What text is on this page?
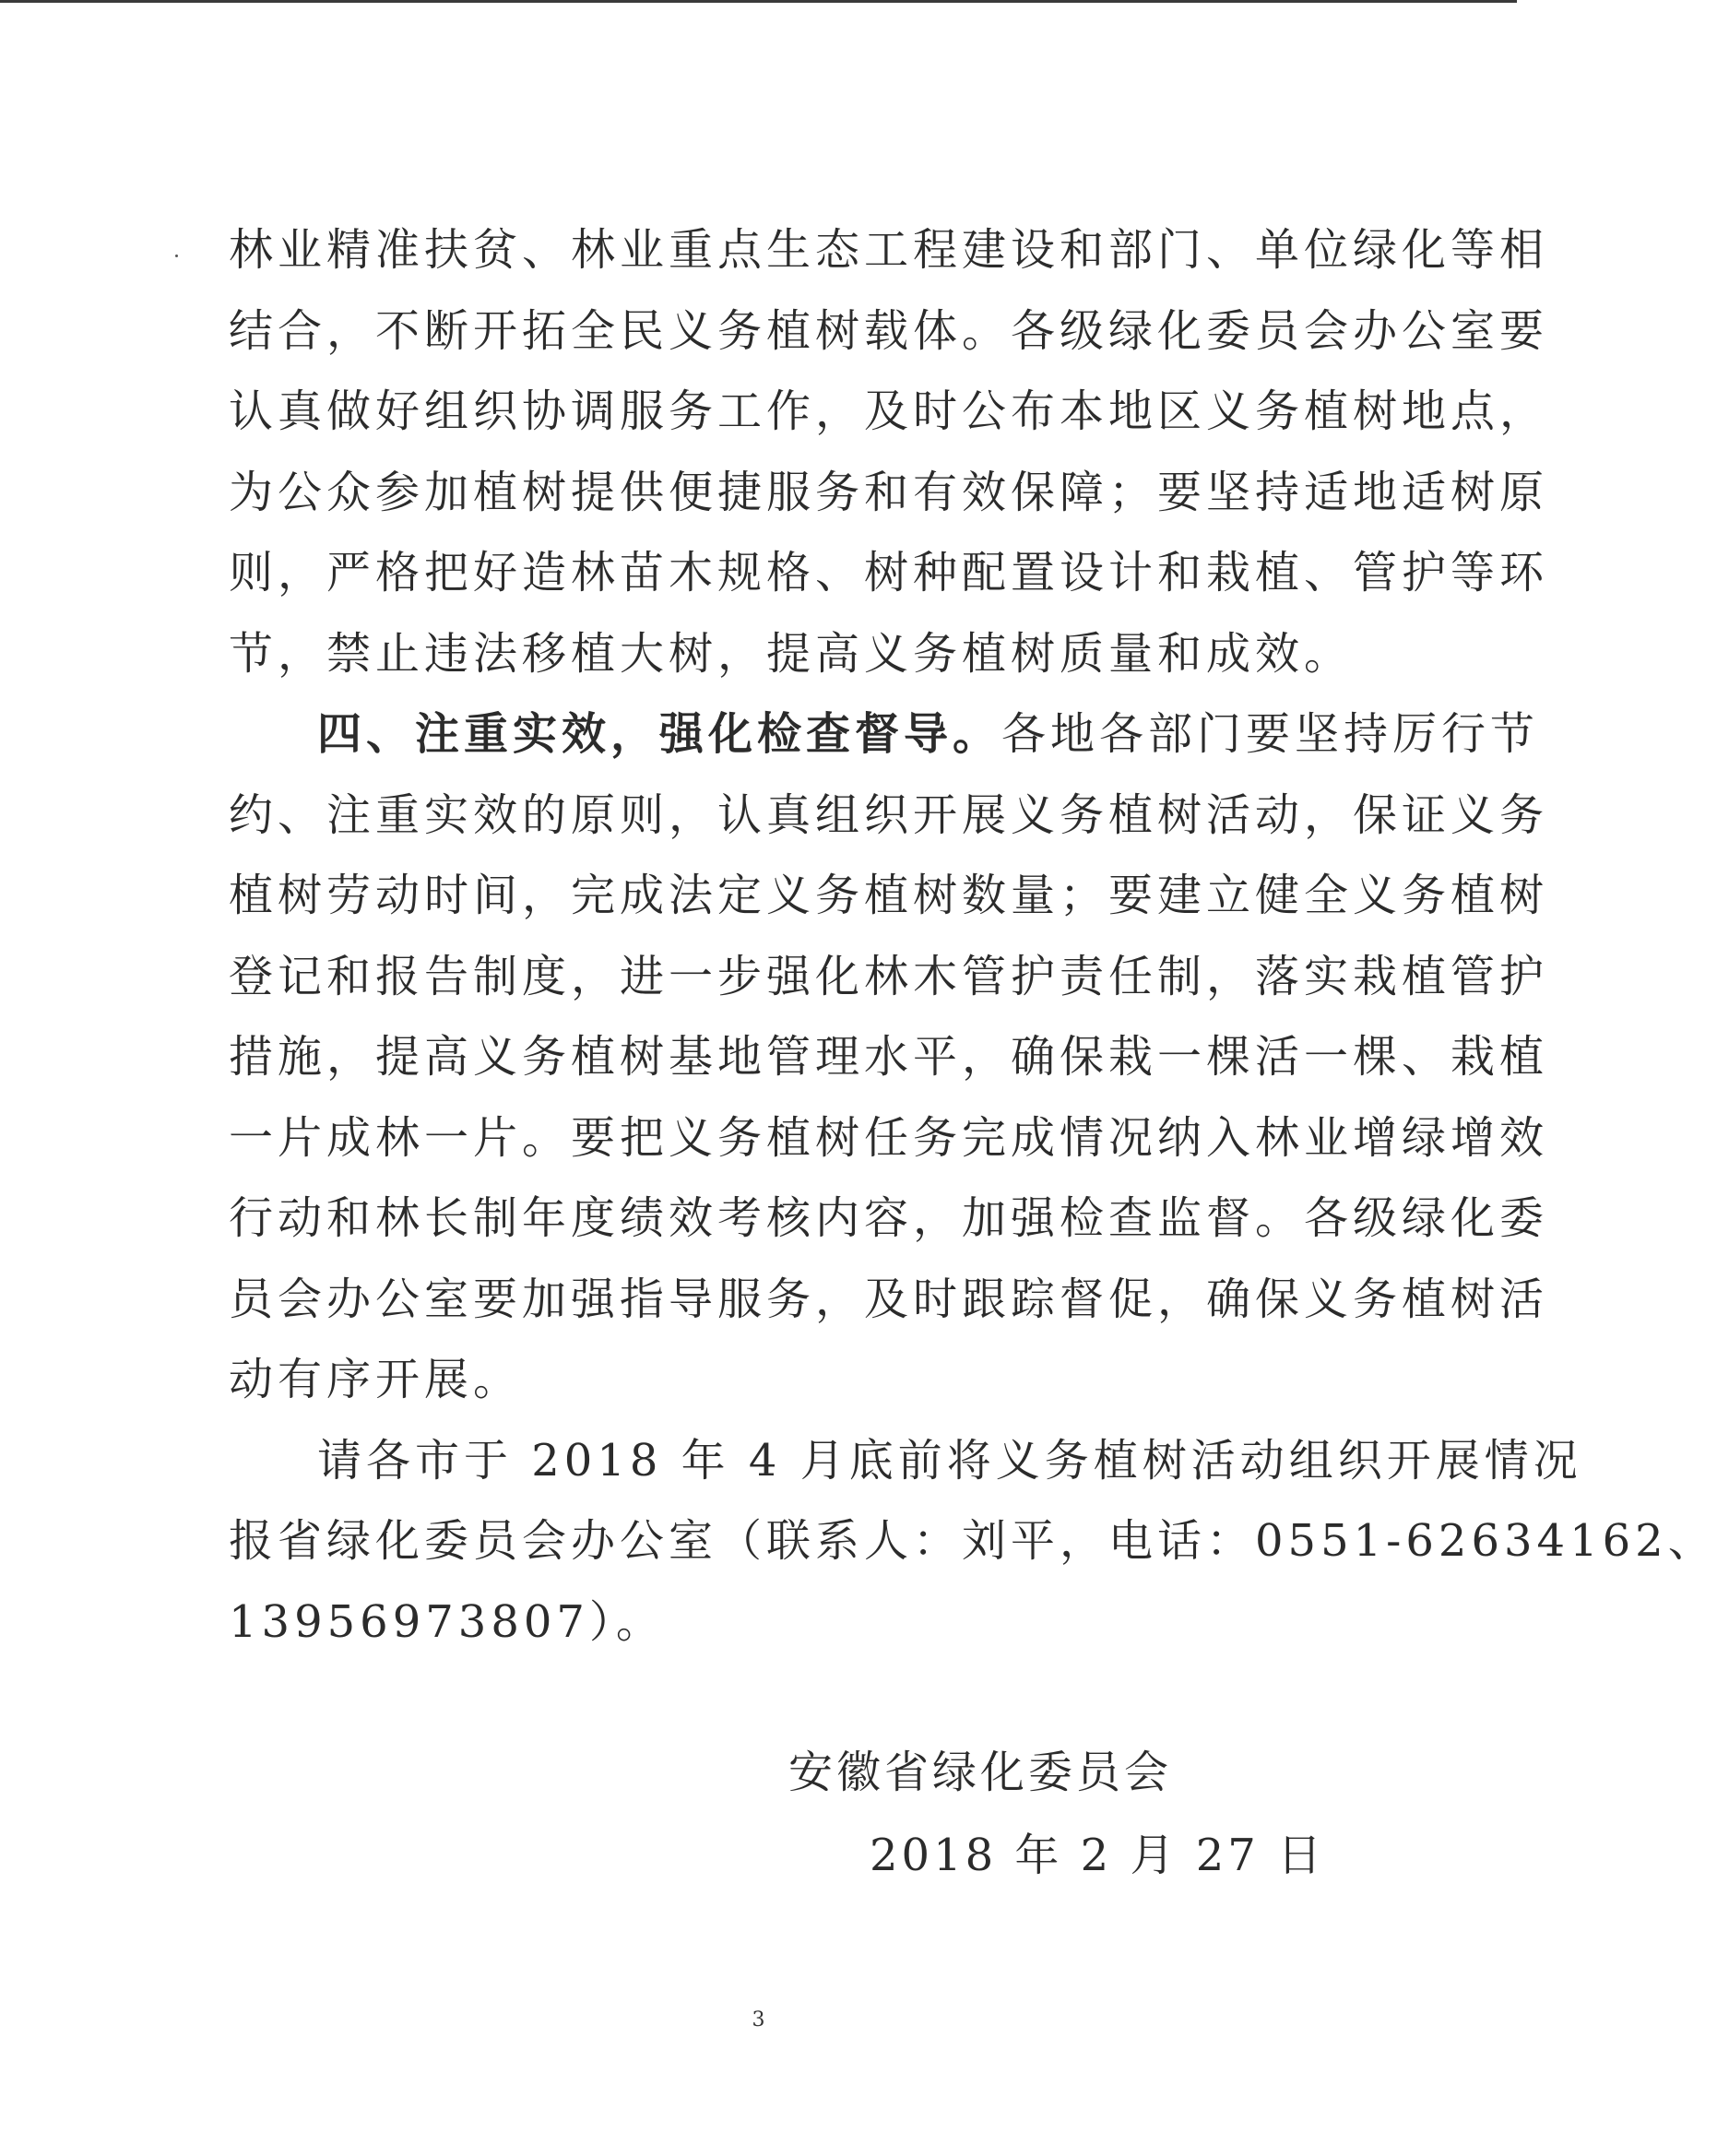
林业精准扶贫、林业重点生态工程建设和部门、单位绿化等相
结合，不断开拓全民义务植树载体。各级绿化委员会办公室要
认真做好组织协调服务工作，及时公布本地区义务植树地点，
为公众参加植树提供便捷服务和有效保障；要坚持适地适树原
则，严格把好造林苗木规格、树种配置设计和栽植、管护等环
节，禁止违法移植大树，提高义务植树质量和成效。
四、注重实效，强化检查督导。各地各部门要坚持厉行节
约、注重实效的原则，认真组织开展义务植树活动，保证义务
植树劳动时间，完成法定义务植树数量；要建立健全义务植树
登记和报告制度，进一步强化林木管护责任制，落实栽植管护
措施，提高义务植树基地管理水平，确保栽一棵活一棵、栽植
一片成林一片。要把义务植树任务完成情况纳入林业增绿增效
行动和林长制年度绩效考核内容，加强检查监督。各级绿化委
员会办公室要加强指导服务，及时跟踪督促，确保义务植树活
动有序开展。
请各市于 2018 年 4 月底前将义务植树活动组织开展情况
报省绿化委员会办公室（联系人：刘平，电话：0551-62634162、
13956973807）。
安徽省绿化委员会
2018 年 2 月 27 日
3
